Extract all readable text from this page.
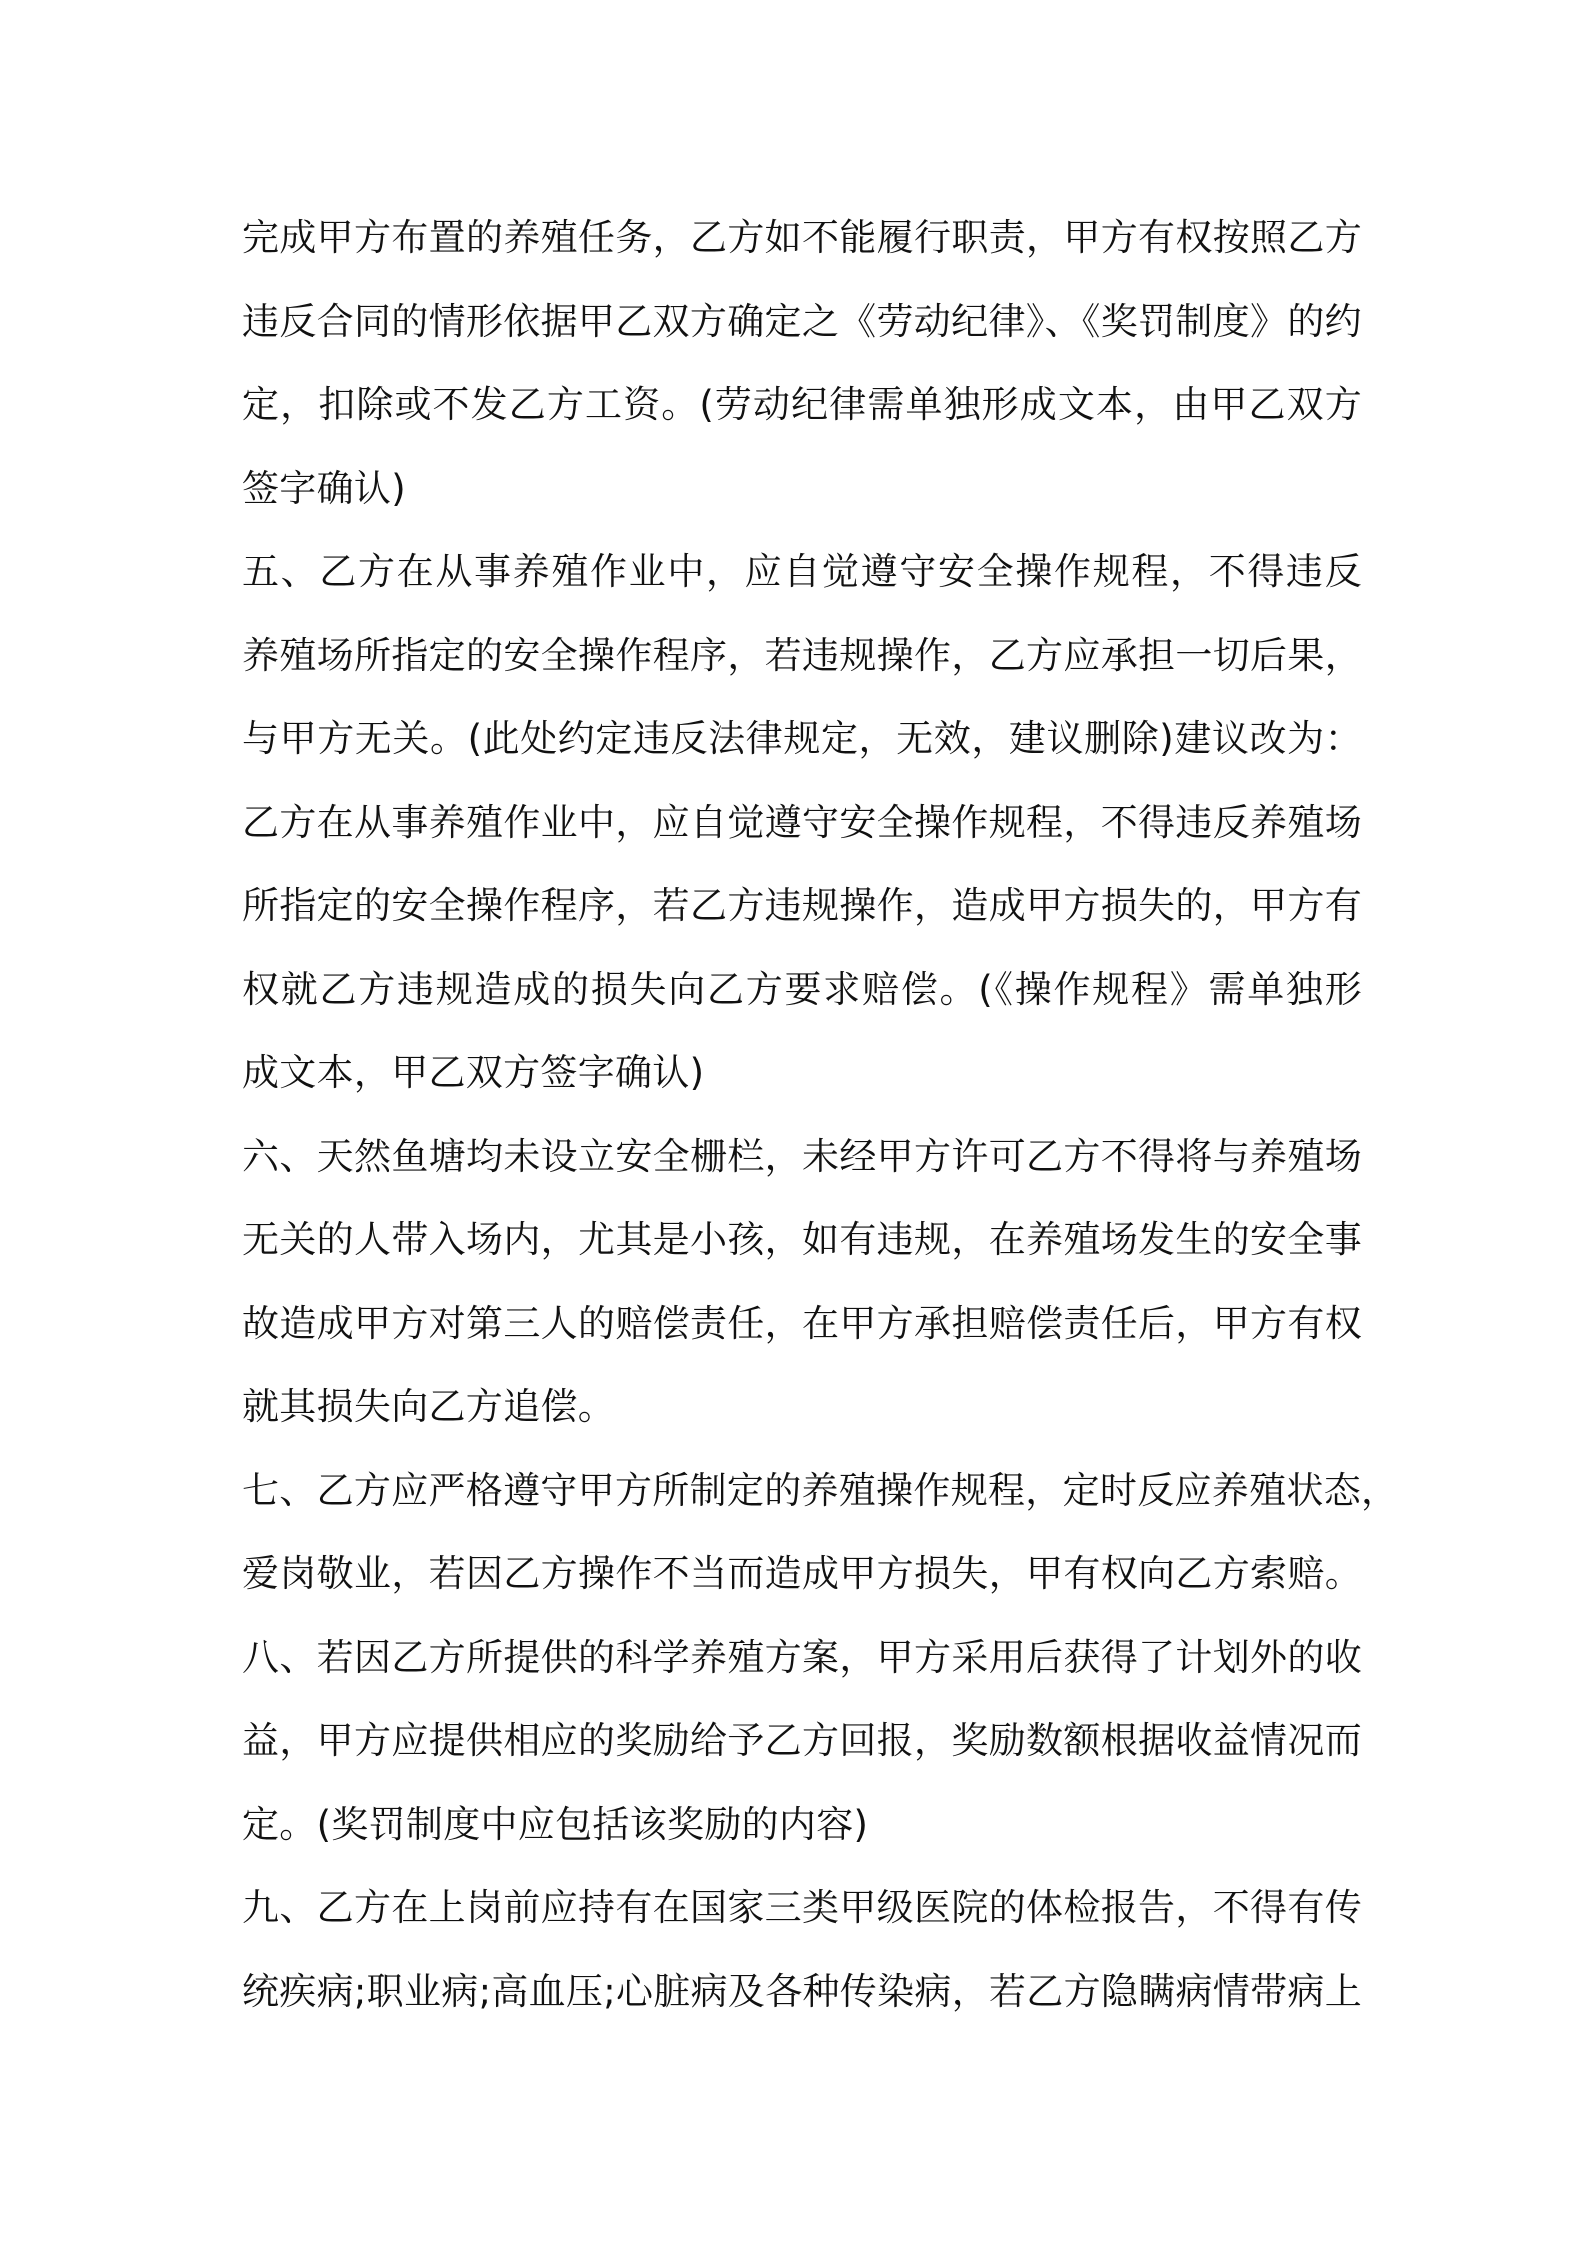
完成甲方布置的养殖任务，乙方如不能履行职责，甲方有权按照乙方
违反合同的情形依据甲乙双方确定之《劳动纪律》、《奖罚制度》的约
定，扣除或不发乙方工资。(劳动纪律需单独形成文本，由甲乙双方
签字确认)
五、乙方在从事养殖作业中，应自觉遵守安全操作规程，不得违反
养殖场所指定的安全操作程序，若违规操作，乙方应承担一切后果，
与甲方无关。(此处约定违反法律规定，无效，建议删除)建议改为：
乙方在从事养殖作业中，应自觉遵守安全操作规程，不得违反养殖场
所指定的安全操作程序，若乙方违规操作，造成甲方损失的，甲方有
权就乙方违规造成的损失向乙方要求赔偿。(《操作规程》需单独形
成文本，甲乙双方签字确认)
六、天然鱼塘均未设立安全栅栏，未经甲方许可乙方不得将与养殖场
无关的人带入场内，尤其是小孩，如有违规，在养殖场发生的安全事
故造成甲方对第三人的赔偿责任，在甲方承担赔偿责任后，甲方有权
就其损失向乙方追偿。
七、乙方应严格遵守甲方所制定的养殖操作规程，定时反应养殖状态，
爱岗敬业，若因乙方操作不当而造成甲方损失，甲有权向乙方索赔。
八、若因乙方所提供的科学养殖方案，甲方采用后获得了计划外的收
益，甲方应提供相应的奖励给予乙方回报，奖励数额根据收益情况而
定。(奖罚制度中应包括该奖励的内容)
九、乙方在上岗前应持有在国家三类甲级医院的体检报告，不得有传
统疾病;职业病;高血压;心脏病及各种传染病，若乙方隐瞒病情带病上
